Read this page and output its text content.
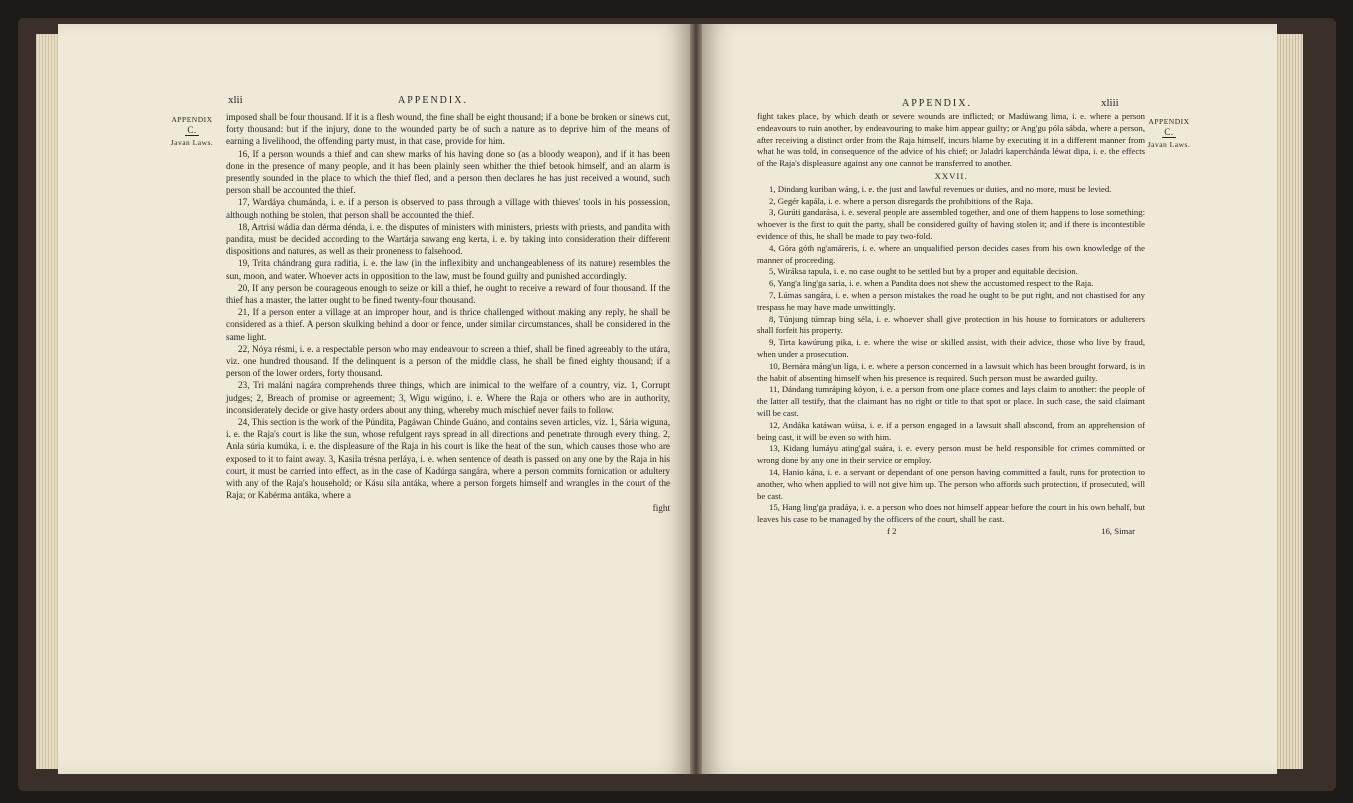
xlii	APPENDIX.
APPENDIX
C.
Javan Laws.

imposed shall be four thousand. If it is a flesh wound, the fine shall be eight thousand; if a bone be broken or sinews cut, forty thousand: but if the injury, done to the wounded party be of such a nature as to deprive him of the means of earning a livelihood, the offending party must, in that case, provide for him.

16, If a person wounds a thief and can shew marks of his having done so (as a bloody weapon), and if it has been done in the presence of many people, and it has been plainly seen whither the thief betook himself, and an alarm is presently sounded in the place to which the thief fled, and a person then declares he has just received a wound, such person shall be accounted the thief.

17, Wardáya chumánda, i. e. if a person is observed to pass through a village with thieves' tools in his possession, although nothing be stolen, that person shall be accounted the thief.

18, Artrisi wádia dan dérma dénda, i. e. the disputes of ministers with ministers, priests with priests, and pandita with pandita, must be decided according to the Wartárja sawang eng kerta, i. e. by taking into consideration their different dispositions and natures, as well as their proneness to falsehood.

19, Trita chándrang gura raditia, i. e. the law (in the inflexibity and unchangeableness of its nature) resembles the sun, moon, and water. Whoever acts in opposition to the law, must be found guilty and punished accordingly.

20, If any person be courageous enough to seize or kill a thief, he ought to receive a reward of four thousand. If the thief has a master, the latter ought to be fined twenty-four thousand.

21, If a person enter a village at an improper hour, and is thrice challenged without making any reply, he shall be considered as a thief. A person skulking behind a door or fence, under similar circumstances, shall be considered in the same light.

22, Nóya résmi, i. e. a respectable person who may endeavour to screen a thief, shall be fined agreeably to the utára, viz. one hundred thousand. If the delinquent is a person of the middle class, he shall be fined eighty thousand; if a person of the lower orders, forty thousand.

23, Tri maláni nagára comprehends three things, which are inimical to the welfare of a country, viz. 1, Corrupt judges; 2, Breach of promise or agreement; 3, Wigu wigúno, i. e. Where the Raja or others who are in authority, inconsiderately decide or give hasty orders about any thing, whereby much mischief never fails to follow.

24, This section is the work of the Púndita, Pagáwan Chinde Guáno, and contains seven articles, viz. 1, Sária wiguna, i. e. the Raja's court is like the sun, whose refulgent rays spread in all directions and penetrate through every thing. 2, Anla súria kumúka, i. e. the displeasure of the Raja in his court is like the heat of the sun, which causes those who are exposed to it to faint away. 3, Kasila trésna perláya, i. e. when sentence of death is passed on any one by the Raja in his court, it must be carried into effect, as in the case of Kadúrga sangára, where a person commits fornication or adultery with any of the Raja's household; or Kásu sila antáka, where a person forgets himself and wrangles in the court of the Raja; or Kabérma antáka, where a

fight

APPENDIX.	xliii
APPENDIX
C.
Javan Laws.

fight takes place, by which death or severe wounds are inflicted; or Madúwang lima, i. e. where a person endeavours to ruin another, by endeavouring to make him appear guilty; or Ang'gu póla sábda, where a person, after receiving a distinct order from the Raja himself, incurs blame by executing it in a different manner from what he was told, in consequence of the advice of his chief; or Jaladri kaperchánda léwat dipa, i. e. the effects of the Raja's displeasure against any one cannot be transferred to another.

XXVII.

1, Dindang kuriban wáng, i. e. the just and lawful revenues or duties, and no more, must be levied.

2, Gegér kapála, i. e. where a person disregards the prohibitions of the Raja.

3, Gurúti gandarása, i. e. several people are assembled together, and one of them happens to lose something: whoever is the first to quit the party, shall be considered guilty of having stolen it; and if there is incontestible evidence of this, he shall be made to pay two-fold.

4, Góra góth ng'amáreris, i. e. where an unqualified person decides cases from his own knowledge of the manner of proceeding.

5, Wiráksa tapula, i. e. no case ought to be settled but by a proper and equitable decision.

6, Yang'a ling'ga saria, i. e. when a Pandita does not shew the accustomed respect to the Raja.

7, Lúmas sangára, i. e. when a person mistakes the road he ought to be put right, and not chastised for any trespass he may have made unwittingly.

8, Túnjung túmrap bing séla, i. e. whoever shall give protection in his house to fornicators or adulterers shall forfeit his property.

9, Tirta kawúrung pika, i. e. where the wise or skilled assist, with their advice, those who live by fraud, when under a prosecution.

10, Bernára máng'un líga, i. e. where a person concerned in a lawsuit which has been brought forward, is in the habit of absenting himself when his presence is required. Such person must be awarded guilty.

11, Dándang tumráping kóyon, i. e. a person from one place comes and lays claim to another: the people of the latter all testify, that the claimant has no right or title to that spot or place. In such case, the said claimant will be cast.

12, Andáka katáwan wúisa, i. e. if a person engaged in a lawsuit shall abscond, from an apprehension of being cast, it will be even so with him.

13, Kidang lumáyu ating'gal suára, i. e. every person must be held responsible for crimes committed or wrong done by any one in their service or employ.

14, Hanio kána, i. e. a servant or dependant of one person having committed a fault, runs for protection to another, who when applied to will not give him up. The person who affords such protection, if prosecuted, will be cast.

15, Hang ling'ga pradáya, i. e. a person who does not himself appear before the court in his own behalf, but leaves his case to be managed by the officers of the court, shall be cast.

f 2	16, Simar
